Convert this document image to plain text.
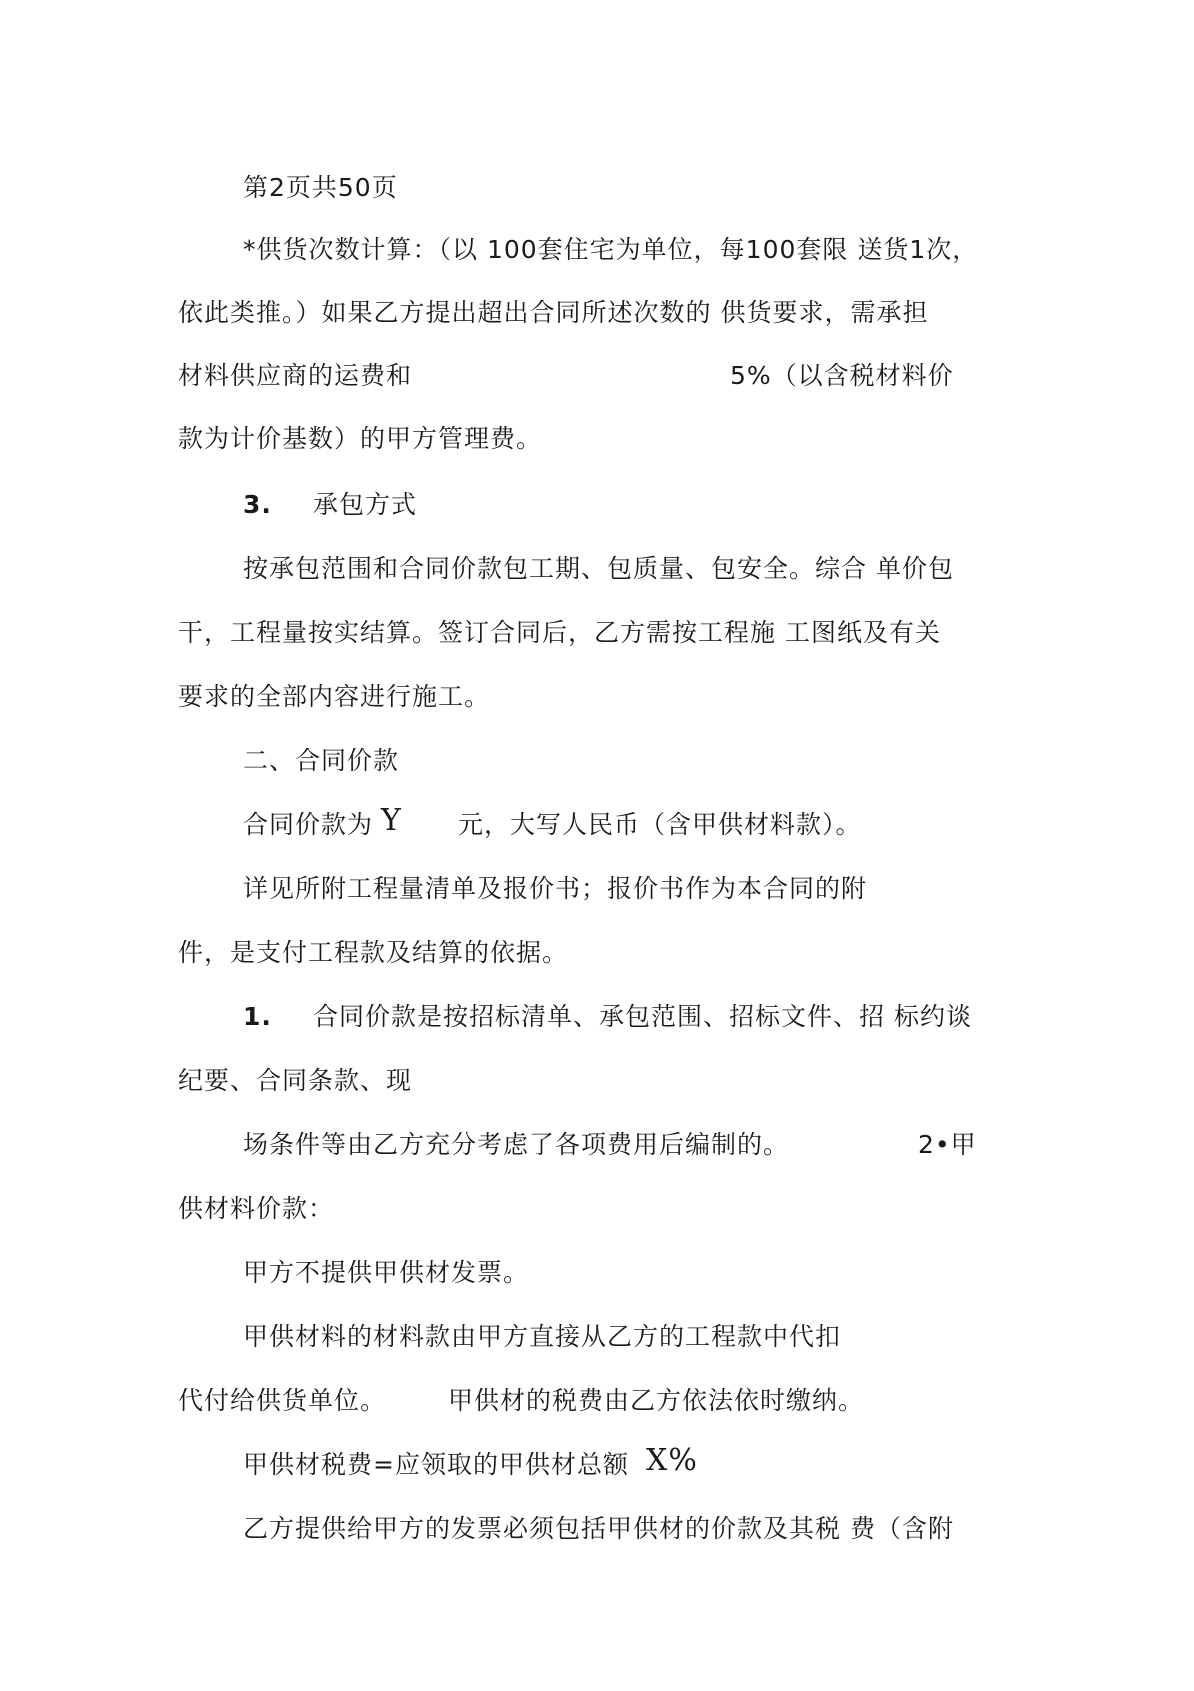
第2页共50页
*供货次数计算：（以 100套住宅为单位，每100套限 送货1次，
依此类推。）如果乙方提出超出合同所述次数的 供货要求，需承担
材料供应商的运费和	5%（以含税材料价
款为计价基数）的甲方管理费。
3. 承包方式
按承包范围和合同价款包工期、包质量、包安全。综合 单价包
干，工程量按实结算。签订合同后，乙方需按工程施 工图纸及有关
要求的全部内容进行施工。
二、合同价款
合同价款为 Y 元，大写人民币（含甲供材料款）。
详见所附工程量清单及报价书；报价书作为本合同的附
件，是支付工程款及结算的依据。
1. 合同价款是按招标清单、承包范围、招标文件、招 标约谈
纪要、合同条款、现
场条件等由乙方充分考虑了各项费用后编制的。	2•甲
供材料价款：
甲方不提供甲供材发票。
甲供材料的材料款由甲方直接从乙方的工程款中代扣
代付给供货单位。 甲供材的税费由乙方依法依时缴纳。
甲供材税费=应领取的甲供材总额 X%
乙方提供给甲方的发票必须包括甲供材的价款及其税 费（含附
